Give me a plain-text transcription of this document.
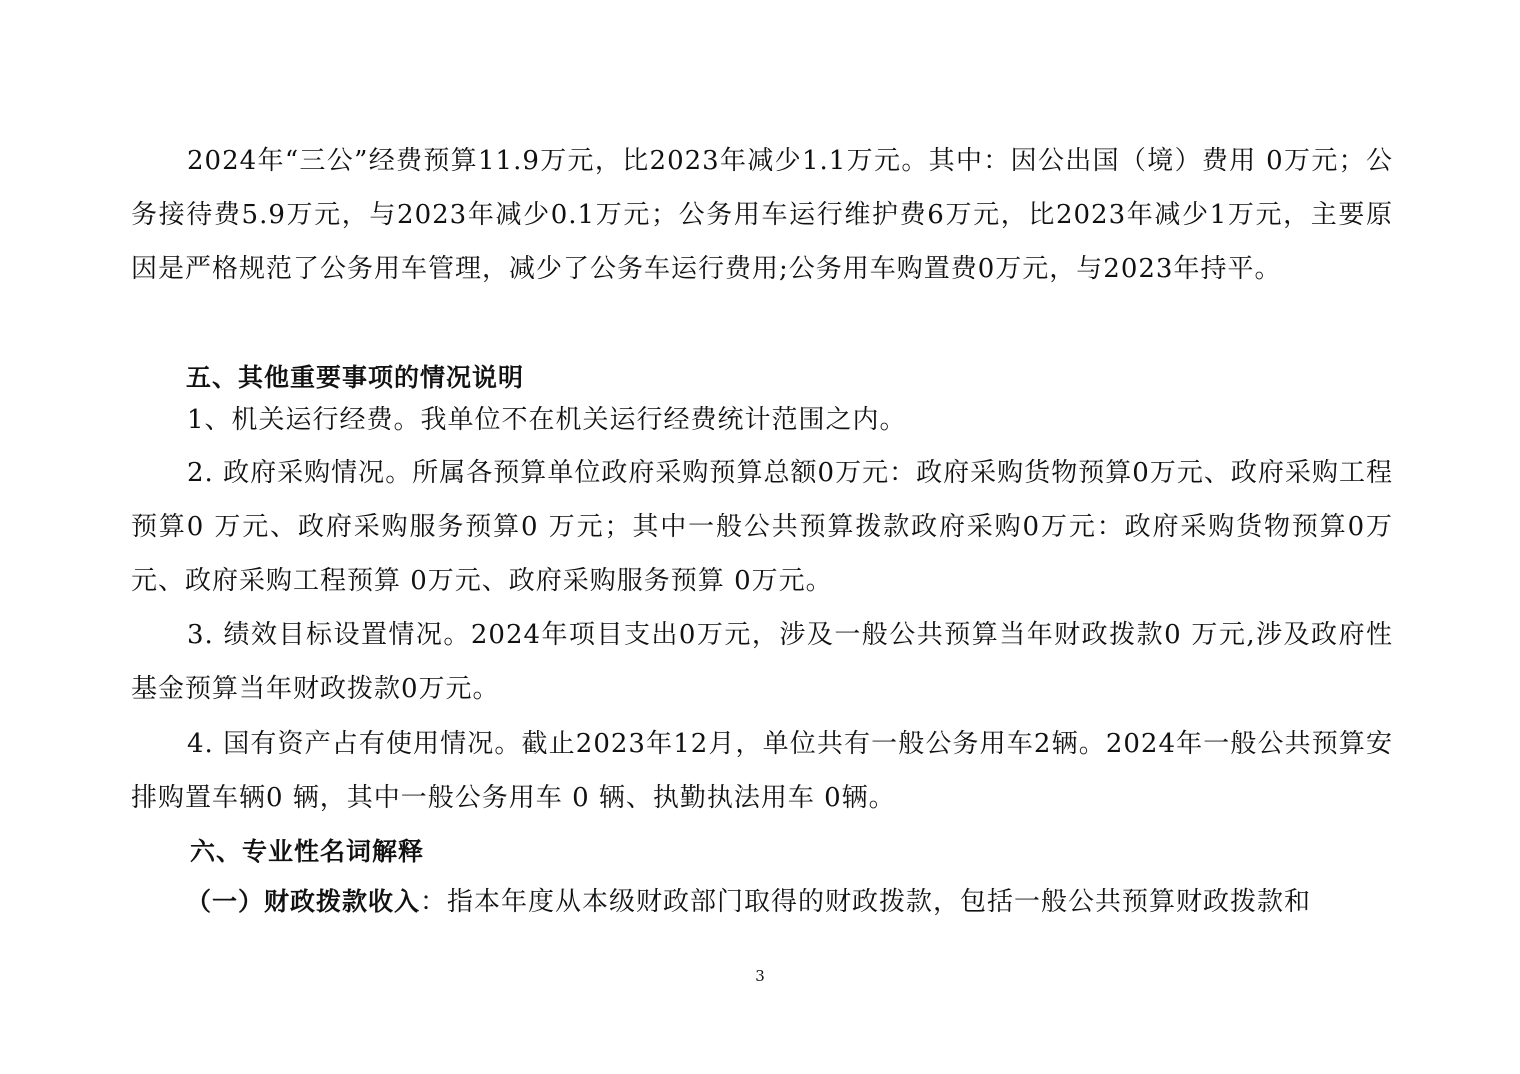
2024年“三公”经费预算11.9万元，比2023年减少1.1万元。其中：因公出国（境）费用 0万元；公务接待费5.9万元，与2023年减少0.1万元；公务用车运行维护费6万元，比2023年减少1万元，主要原因是严格规范了公务用车管理，减少了公务车运行费用;公务用车购置费0万元，与2023年持平。

五、其他重要事项的情况说明

1、机关运行经费。我单位不在机关运行经费统计范围之内。

2. 政府采购情况。所属各预算单位政府采购预算总额0万元：政府采购货物预算0万元、政府采购工程预算0 万元、政府采购服务预算0 万元；其中一般公共预算拨款政府采购0万元：政府采购货物预算0万元、政府采购工程预算 0万元、政府采购服务预算 0万元。

3. 绩效目标设置情况。2024年项目支出0万元，涉及一般公共预算当年财政拨款0 万元,涉及政府性基金预算当年财政拨款0万元。

4. 国有资产占有使用情况。截止2023年12月，单位共有一般公务用车2辆。2024年一般公共预算安排购置车辆0 辆，其中一般公务用车 0 辆、执勤执法用车 0辆。

六、专业性名词解释

（一）财政拨款收入：指本年度从本级财政部门取得的财政拨款，包括一般公共预算财政拨款和

3
